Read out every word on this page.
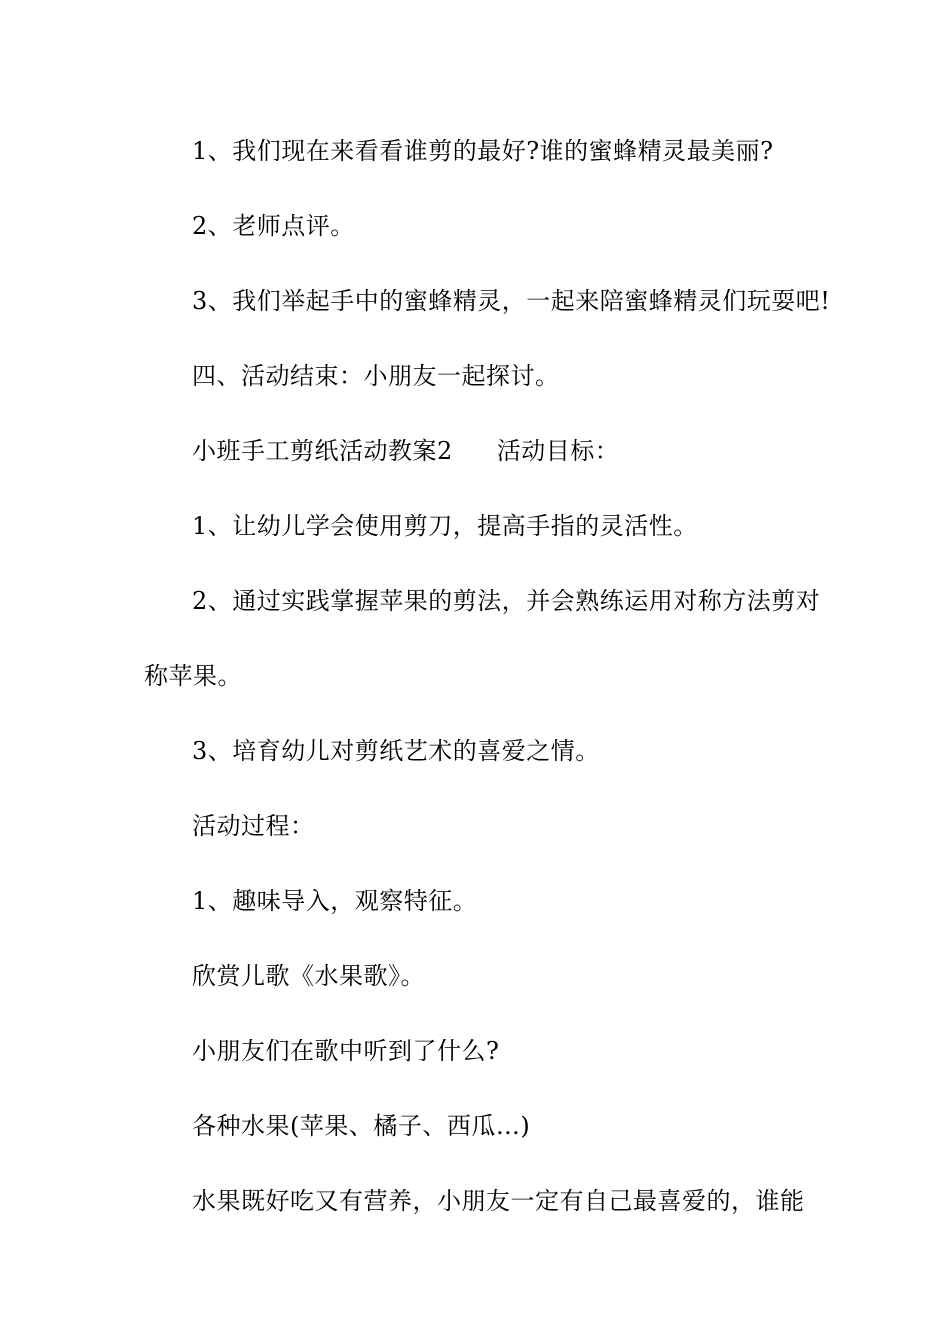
1、我们现在来看看谁剪的最好?谁的蜜蜂精灵最美丽?
2、老师点评。
3、我们举起手中的蜜蜂精灵，一起来陪蜜蜂精灵们玩耍吧!
四、活动结束：小朋友一起探讨。
小班手工剪纸活动教案2 活动目标：
1、让幼儿学会使用剪刀，提高手指的灵活性。
2、通过实践掌握苹果的剪法，并会熟练运用对称方法剪对
称苹果。
3、培育幼儿对剪纸艺术的喜爱之情。
活动过程：
1、趣味导入，观察特征。
欣赏儿歌《水果歌》。
小朋友们在歌中听到了什么?
各种水果(苹果、橘子、西瓜…)
水果既好吃又有营养，小朋友一定有自己最喜爱的，谁能
